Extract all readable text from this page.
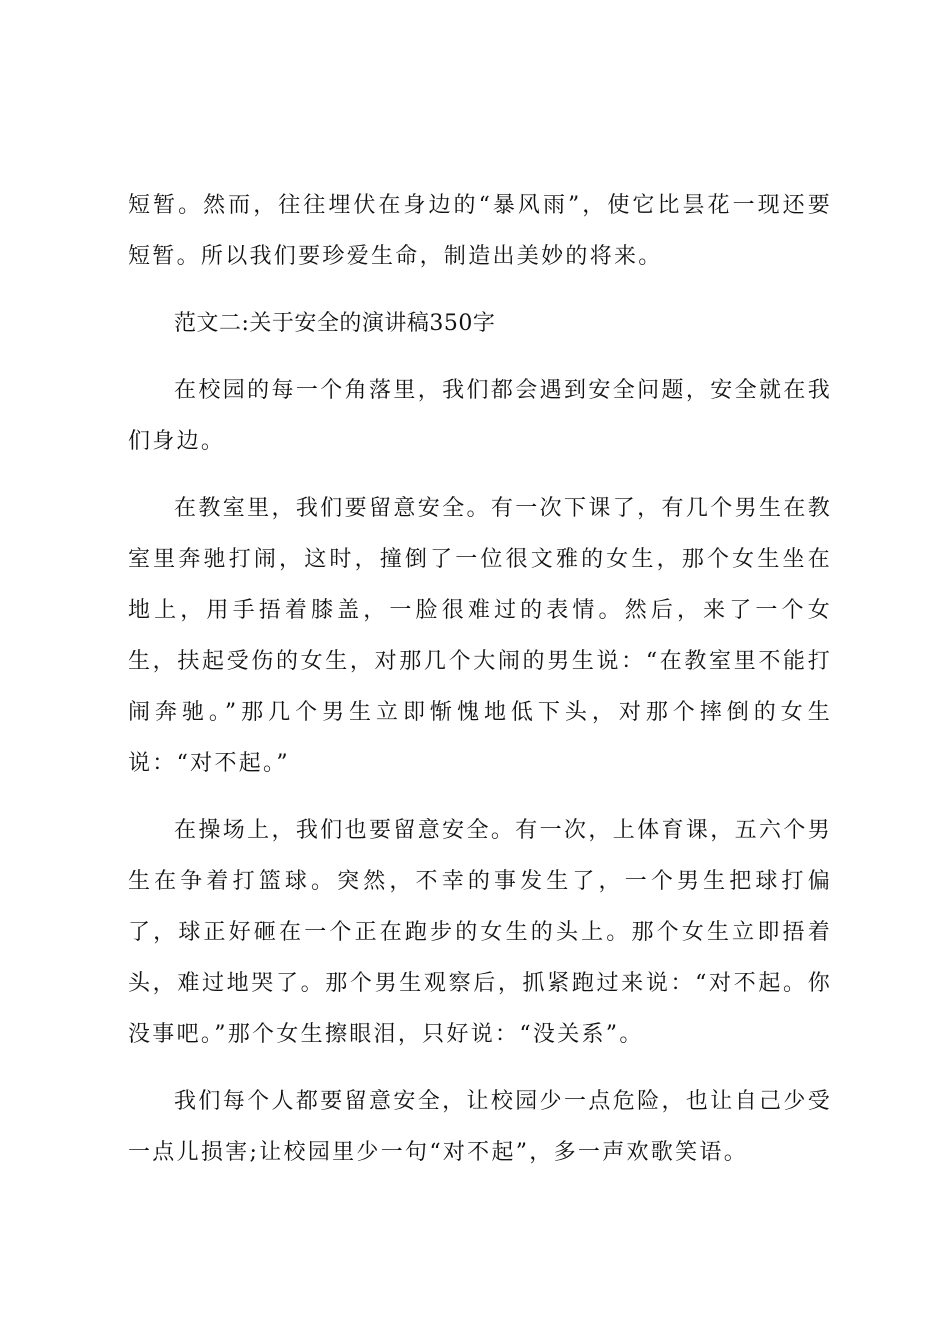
短暂。然而，往往埋伏在身边的“暴风雨”，使它比昙花一现还要短暂。所以我们要珍爱生命，制造出美妙的将来。

范文二:关于安全的演讲稿350字

在校园的每一个角落里，我们都会遇到安全问题，安全就在我们身边。

在教室里，我们要留意安全。有一次下课了，有几个男生在教室里奔驰打闹，这时，撞倒了一位很文雅的女生，那个女生坐在地上，用手捂着膝盖，一脸很难过的表情。然后，来了一个女生，扶起受伤的女生，对那几个大闹的男生说：“在教室里不能打闹奔驰。”那几个男生立即惭愧地低下头，对那个摔倒的女生说：“对不起。”

在操场上，我们也要留意安全。有一次，上体育课，五六个男生在争着打篮球。突然，不幸的事发生了，一个男生把球打偏了，球正好砸在一个正在跑步的女生的头上。那个女生立即捂着头，难过地哭了。那个男生观察后，抓紧跑过来说：“对不起。你没事吧。”那个女生擦眼泪，只好说：“没关系”。

我们每个人都要留意安全，让校园少一点危险，也让自己少受一点儿损害;让校园里少一句“对不起”，多一声欢歌笑语。
